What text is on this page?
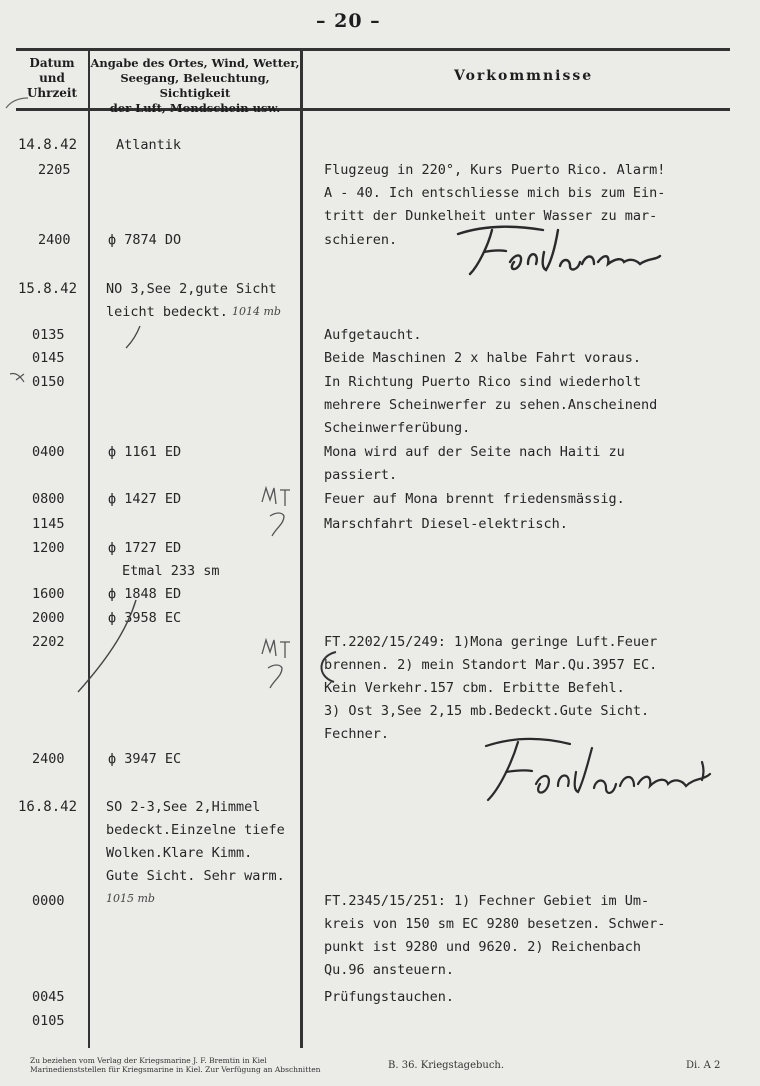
– 20 –
Datum
und
Uhrzeit
Angabe des Ortes, Wind, Wetter,
Seegang, Beleuchtung, Sichtigkeit
der Luft, Mondschein usw.
Vorkommnisse
14.8.42
2205
2400
15.8.42
0135
0145
0150
0400
0800
1145
1200
1600
2000
2202
2400
16.8.42
0000
0045
0105
Atlantik
ф 7874 DO
NO 3,See 2,gute Sicht
leicht bedeckt. 1014 mb
ф 1161 ED
ф 1427 ED
ф 1727 ED
Etmal 233 sm
ф 1848 ED
ф 3958 EC
ф 3947 EC
SO 2-3,See 2,Himmel
bedeckt.Einzelne tiefe
Wolken.Klare Kimm.
Gute Sicht. Sehr warm.
1015 mb
Flugzeug in 220°, Kurs Puerto Rico. Alarm!
A - 40. Ich entschliesse mich bis zum Ein-
tritt der Dunkelheit unter Wasser zu mar-
schieren.
Aufgetaucht.
Beide Maschinen 2 x halbe Fahrt voraus.
In Richtung Puerto Rico sind wiederholt
mehrere Scheinwerfer zu sehen.Anscheinend
Scheinwerferübung.
Mona wird auf der Seite nach Haiti zu
passiert.
Feuer auf Mona brennt friedensmässig.
Marschfahrt Diesel-elektrisch.
FT.2202/15/249: 1)Mona geringe Luft.Feuer
brennen. 2) mein Standort Mar.Qu.3957 EC.
Kein Verkehr.157 cbm. Erbitte Befehl.
3) Ost 3,See 2,15 mb.Bedeckt.Gute Sicht.
Fechner.
FT.2345/15/251: 1) Fechner Gebiet im Um-
kreis von 150 sm EC 9280 besetzen. Schwer-
punkt ist 9280 und 9620. 2) Reichenbach
Qu.96 ansteuern.
Prüfungstauchen.
Zu beziehen vom Verlag der Kriegsmarine J. F. Bremtin in Kiel
Marinedienststellen für Kriegsmarine in Kiel. Zur Verfügung an Abschnitten	B. 36. Kriegstagebuch.	Di. A 2
